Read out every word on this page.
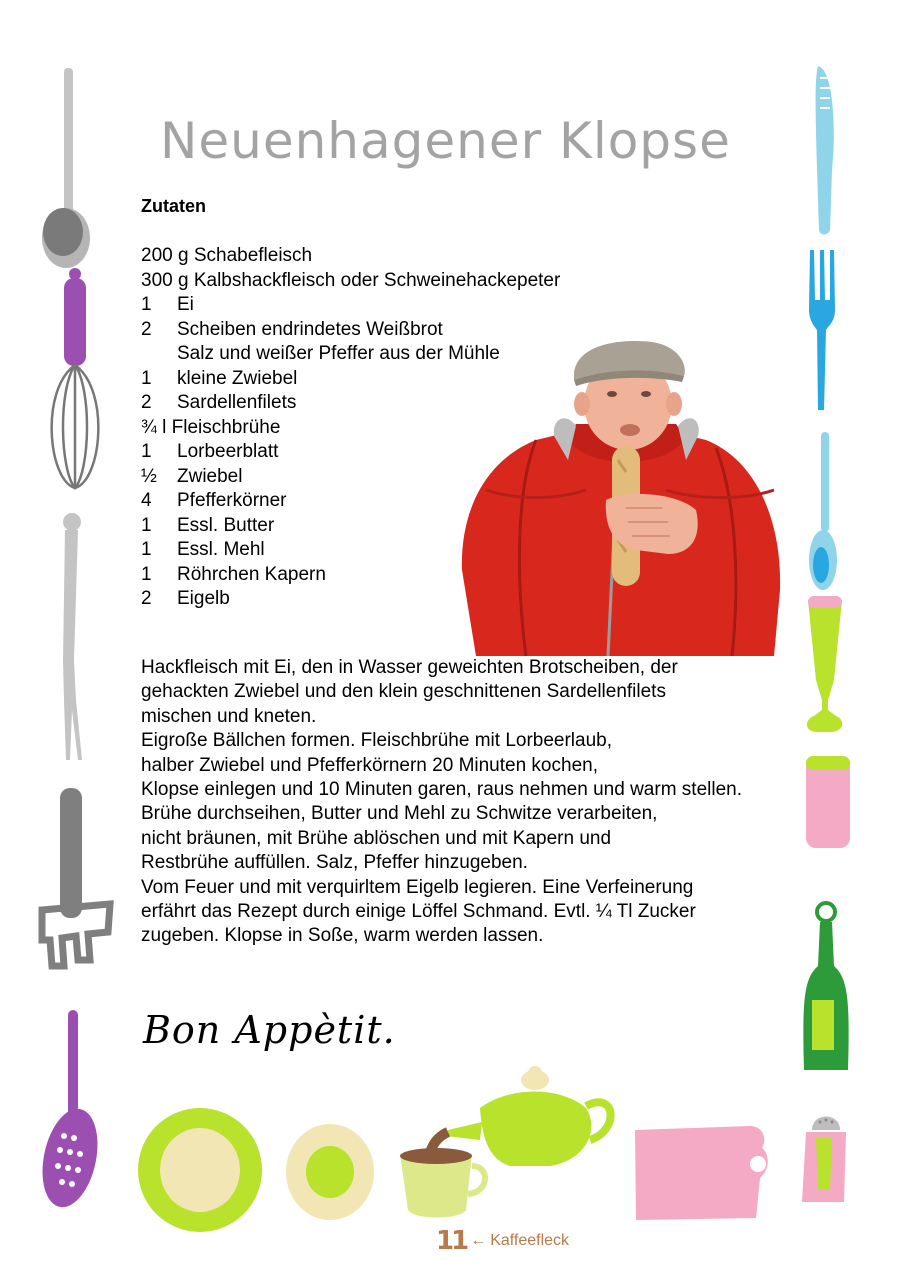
Neuenhagener Klopse
Zutaten
200 g Schabefleisch
300 g Kalbshackfleisch oder Schweinehackepeter
1	Ei
2	Scheiben endrindetes Weißbrot
Salz und weißer Pfeffer aus der Mühle
1	kleine Zwiebel
2	Sardellenfilets
¾ l Fleischbrühe
1	Lorbeerblatt
½	Zwiebel
4	Pfefferkörner
1	Essl. Butter
1	Essl. Mehl
1	Röhrchen Kapern
2	Eigelb
Hackfleisch mit Ei, den in Wasser geweichten Brotscheiben, der
gehackten Zwiebel und den klein geschnittenen Sardellenfilets
mischen und kneten.
Eigroße Bällchen formen. Fleischbrühe mit Lorbeerlaub,
halber Zwiebel und Pfefferkörnern 20 Minuten kochen,
Klopse einlegen und 10 Minuten garen, raus nehmen und warm stellen.
Brühe durchseihen, Butter und Mehl zu Schwitze verarbeiten,
nicht bräunen, mit Brühe ablöschen und mit Kapern und
Restbrühe auffüllen. Salz, Pfeffer hinzugeben.
Vom Feuer und mit verquirltem Eigelb legieren. Eine Verfeinerung
erfährt das Rezept durch einige Löffel Schmand. Evtl. ¼ Tl Zucker
zugeben. Klopse in Soße, warm werden lassen.
Bon Appètit.
11 ← Kaffeefleck
